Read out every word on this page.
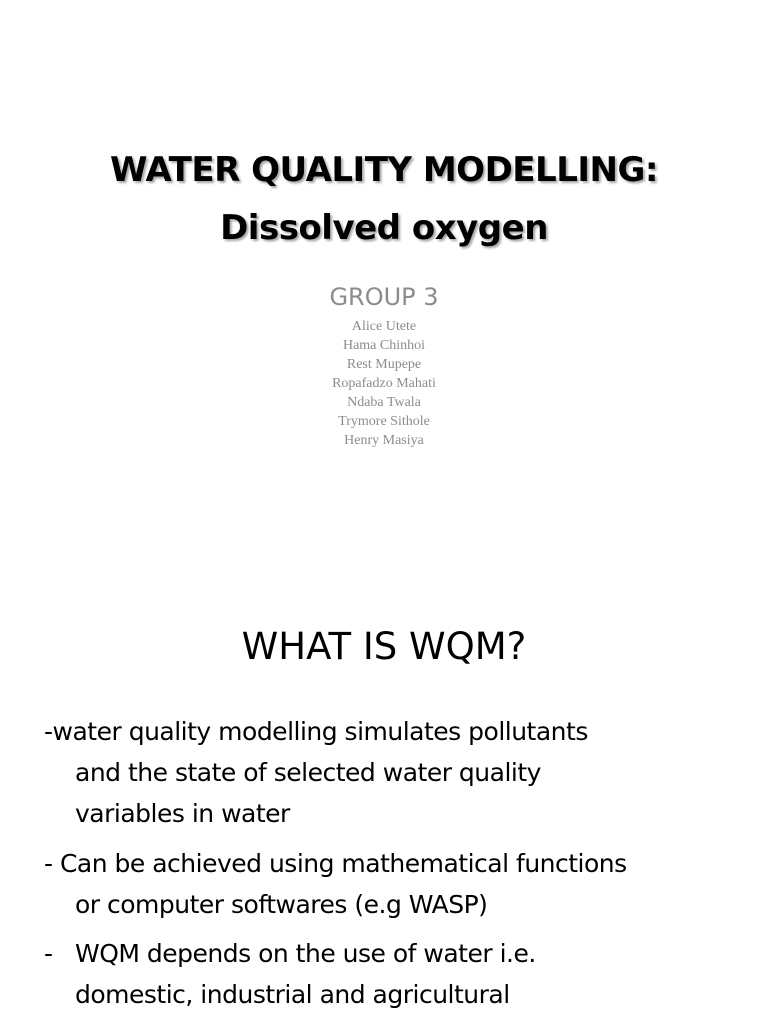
WATER QUALITY MODELLING:
Dissolved oxygen
GROUP 3
Alice Utete
Hama Chinhoi
Rest Mupepe
Ropafadzo Mahati
Ndaba Twala
Trymore Sithole
Henry Masiya
WHAT IS WQM?
-water quality modelling simulates pollutants
and the state of selected water quality
variables in water
- Can be achieved using mathematical functions
or computer softwares (e.g WASP)
- WQM depends on the use of water i.e.
domestic, industrial and agricultural
